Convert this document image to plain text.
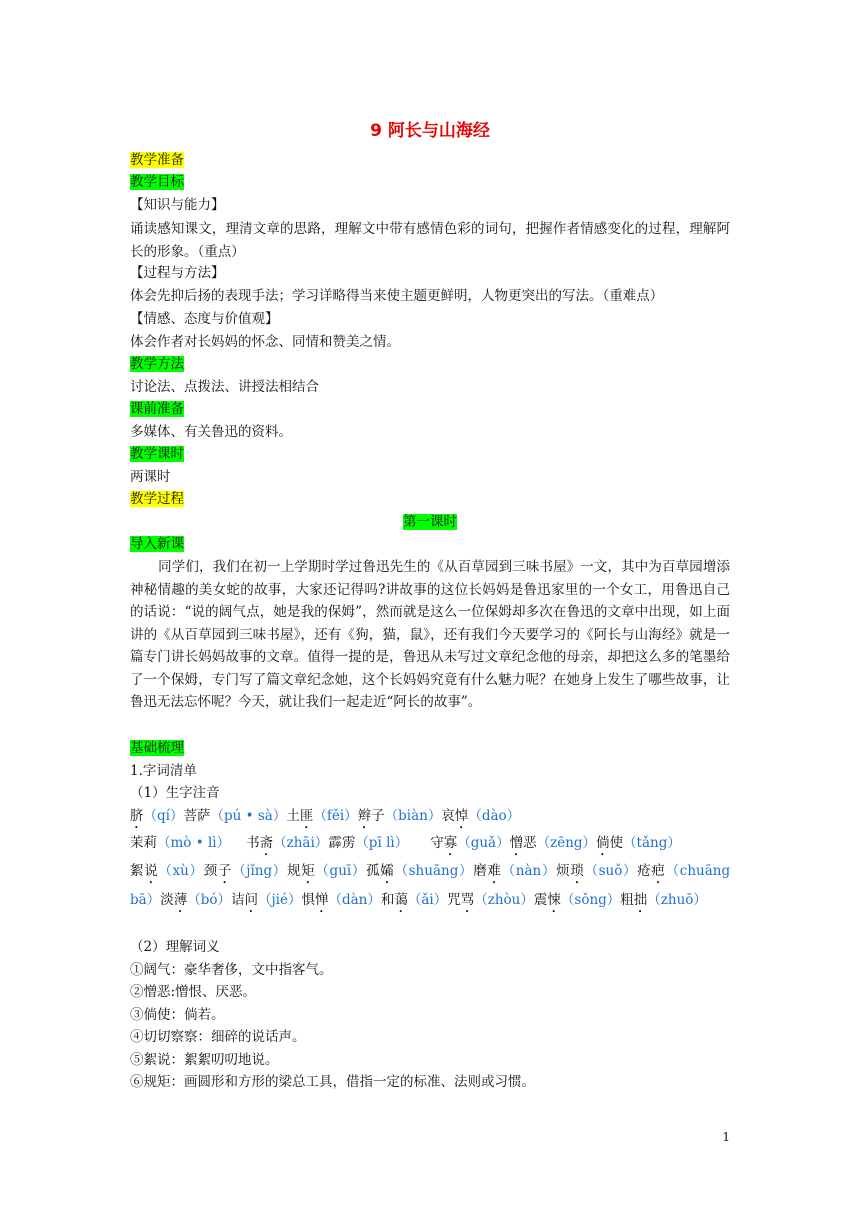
9 阿长与山海经
教学准备
教学目标
【知识与能力】
诵读感知课文，理清文章的思路，理解文中带有感情色彩的词句，把握作者情感变化的过程，理解阿长的形象。（重点）
【过程与方法】
体会先抑后扬的表现手法；学习详略得当来使主题更鲜明，人物更突出的写法。（重难点）
【情感、态度与价值观】
体会作者对长妈妈的怀念、同情和赞美之情。
教学方法
讨论法、点拨法、讲授法相结合
课前准备
多媒体、有关鲁迅的资料。
教学课时
两课时
教学过程
第一课时
导入新课
同学们，我们在初一上学期时学过鲁迅先生的《从百草园到三味书屋》一文，其中为百草园增添神秘情趣的美女蛇的故事，大家还记得吗?讲故事的这位长妈妈是鲁迅家里的一个女工，用鲁迅自己的话说：“说的阔气点，她是我的保姆”，然而就是这么一位保姆却多次在鲁迅的文章中出现，如上面讲的《从百草园到三味书屋》，还有《狗，猫，鼠》，还有我们今天要学习的《阿长与山海经》就是一篇专门讲长妈妈故事的文章。值得一提的是，鲁迅从未写过文章纪念他的母亲，却把这么多的笔墨给了一个保姆，专门写了篇文章纪念她，这个长妈妈究竟有什么魅力呢？在她身上发生了哪些故事，让鲁迅无法忘怀呢？今天，就让我们一起走近“阿长的故事”。
基础梳理
1.字词清单
（1）生字注音
脐（qí）菩萨（pú • sà）土匪（fěi）辫子（biàn）哀悼（dào）
茉莉（mò • lì） 书斋（zhāi）霹雳（pī lì） 守寡（guǎ）憎恶（zēng）倘使（tǎng）
絮说（xù）颈子（jǐng）规矩（guī）孤孀（shuāng）磨难（nàn）烦琐（suǒ）疮疤（chuāng bā）淡薄（bó）诘问（jié）惧惮（dàn）和蔼（ǎi）咒骂（zhòu）震悚（sǒng）粗拙（zhuō）
（2）理解词义
①阔气：豪华奢侈，文中指客气。
②憎恶:憎恨、厌恶。
③倘使：倘若。
④切切察察：细碎的说话声。
⑤絮说：絮絮叨叨地说。
⑥规矩：画圆形和方形的梁总工具，借指一定的标准、法则或习惯。
1
